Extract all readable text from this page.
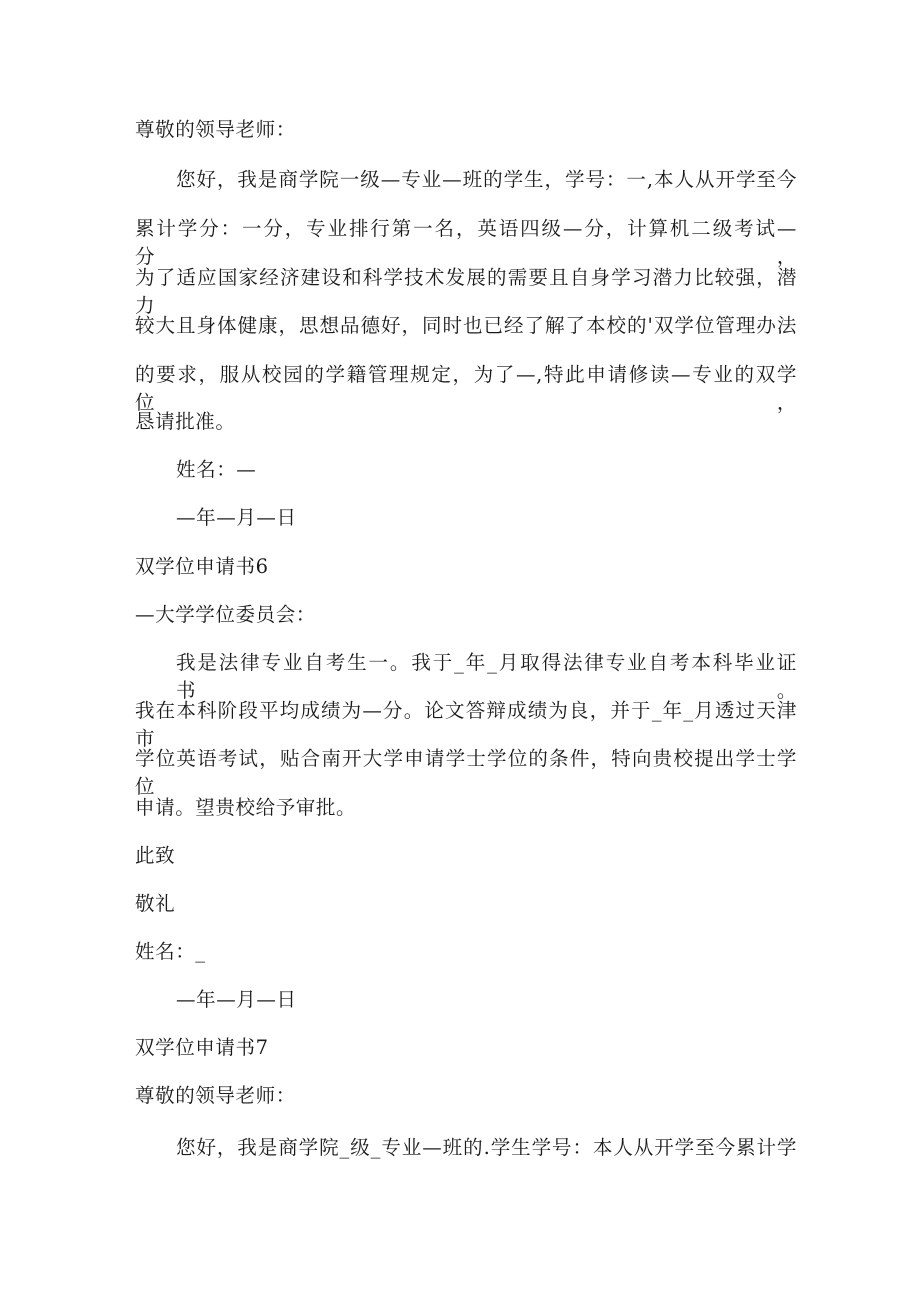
尊敬的领导老师：
您好，我是商学院一级—专业—班的学生，学号：一,本人从开学至今
累计学分：一分，专业排行第一名，英语四级—分，计算机二级考试—分，
为了适应国家经济建设和科学技术发展的需要且自身学习潜力比较强，潜力
较大且身体健康，思想品德好，同时也已经了解了本校的'双学位管理办法
的要求，服从校园的学籍管理规定，为了—,特此申请修读—专业的双学位，
恳请批准。
姓名：—
—年—月—日
双学位申请书6
—大学学位委员会：
我是法律专业自考生一。我于_年_月取得法律专业自考本科毕业证书。
我在本科阶段平均成绩为—分。论文答辩成绩为良，并于_年_月透过天津市
学位英语考试，贴合南开大学申请学士学位的条件，特向贵校提出学士学位
申请。望贵校给予审批。
此致
敬礼
姓名：_
—年—月—日
双学位申请书7
尊敬的领导老师：
您好，我是商学院_级_专业—班的.学生学号：本人从开学至今累计学
